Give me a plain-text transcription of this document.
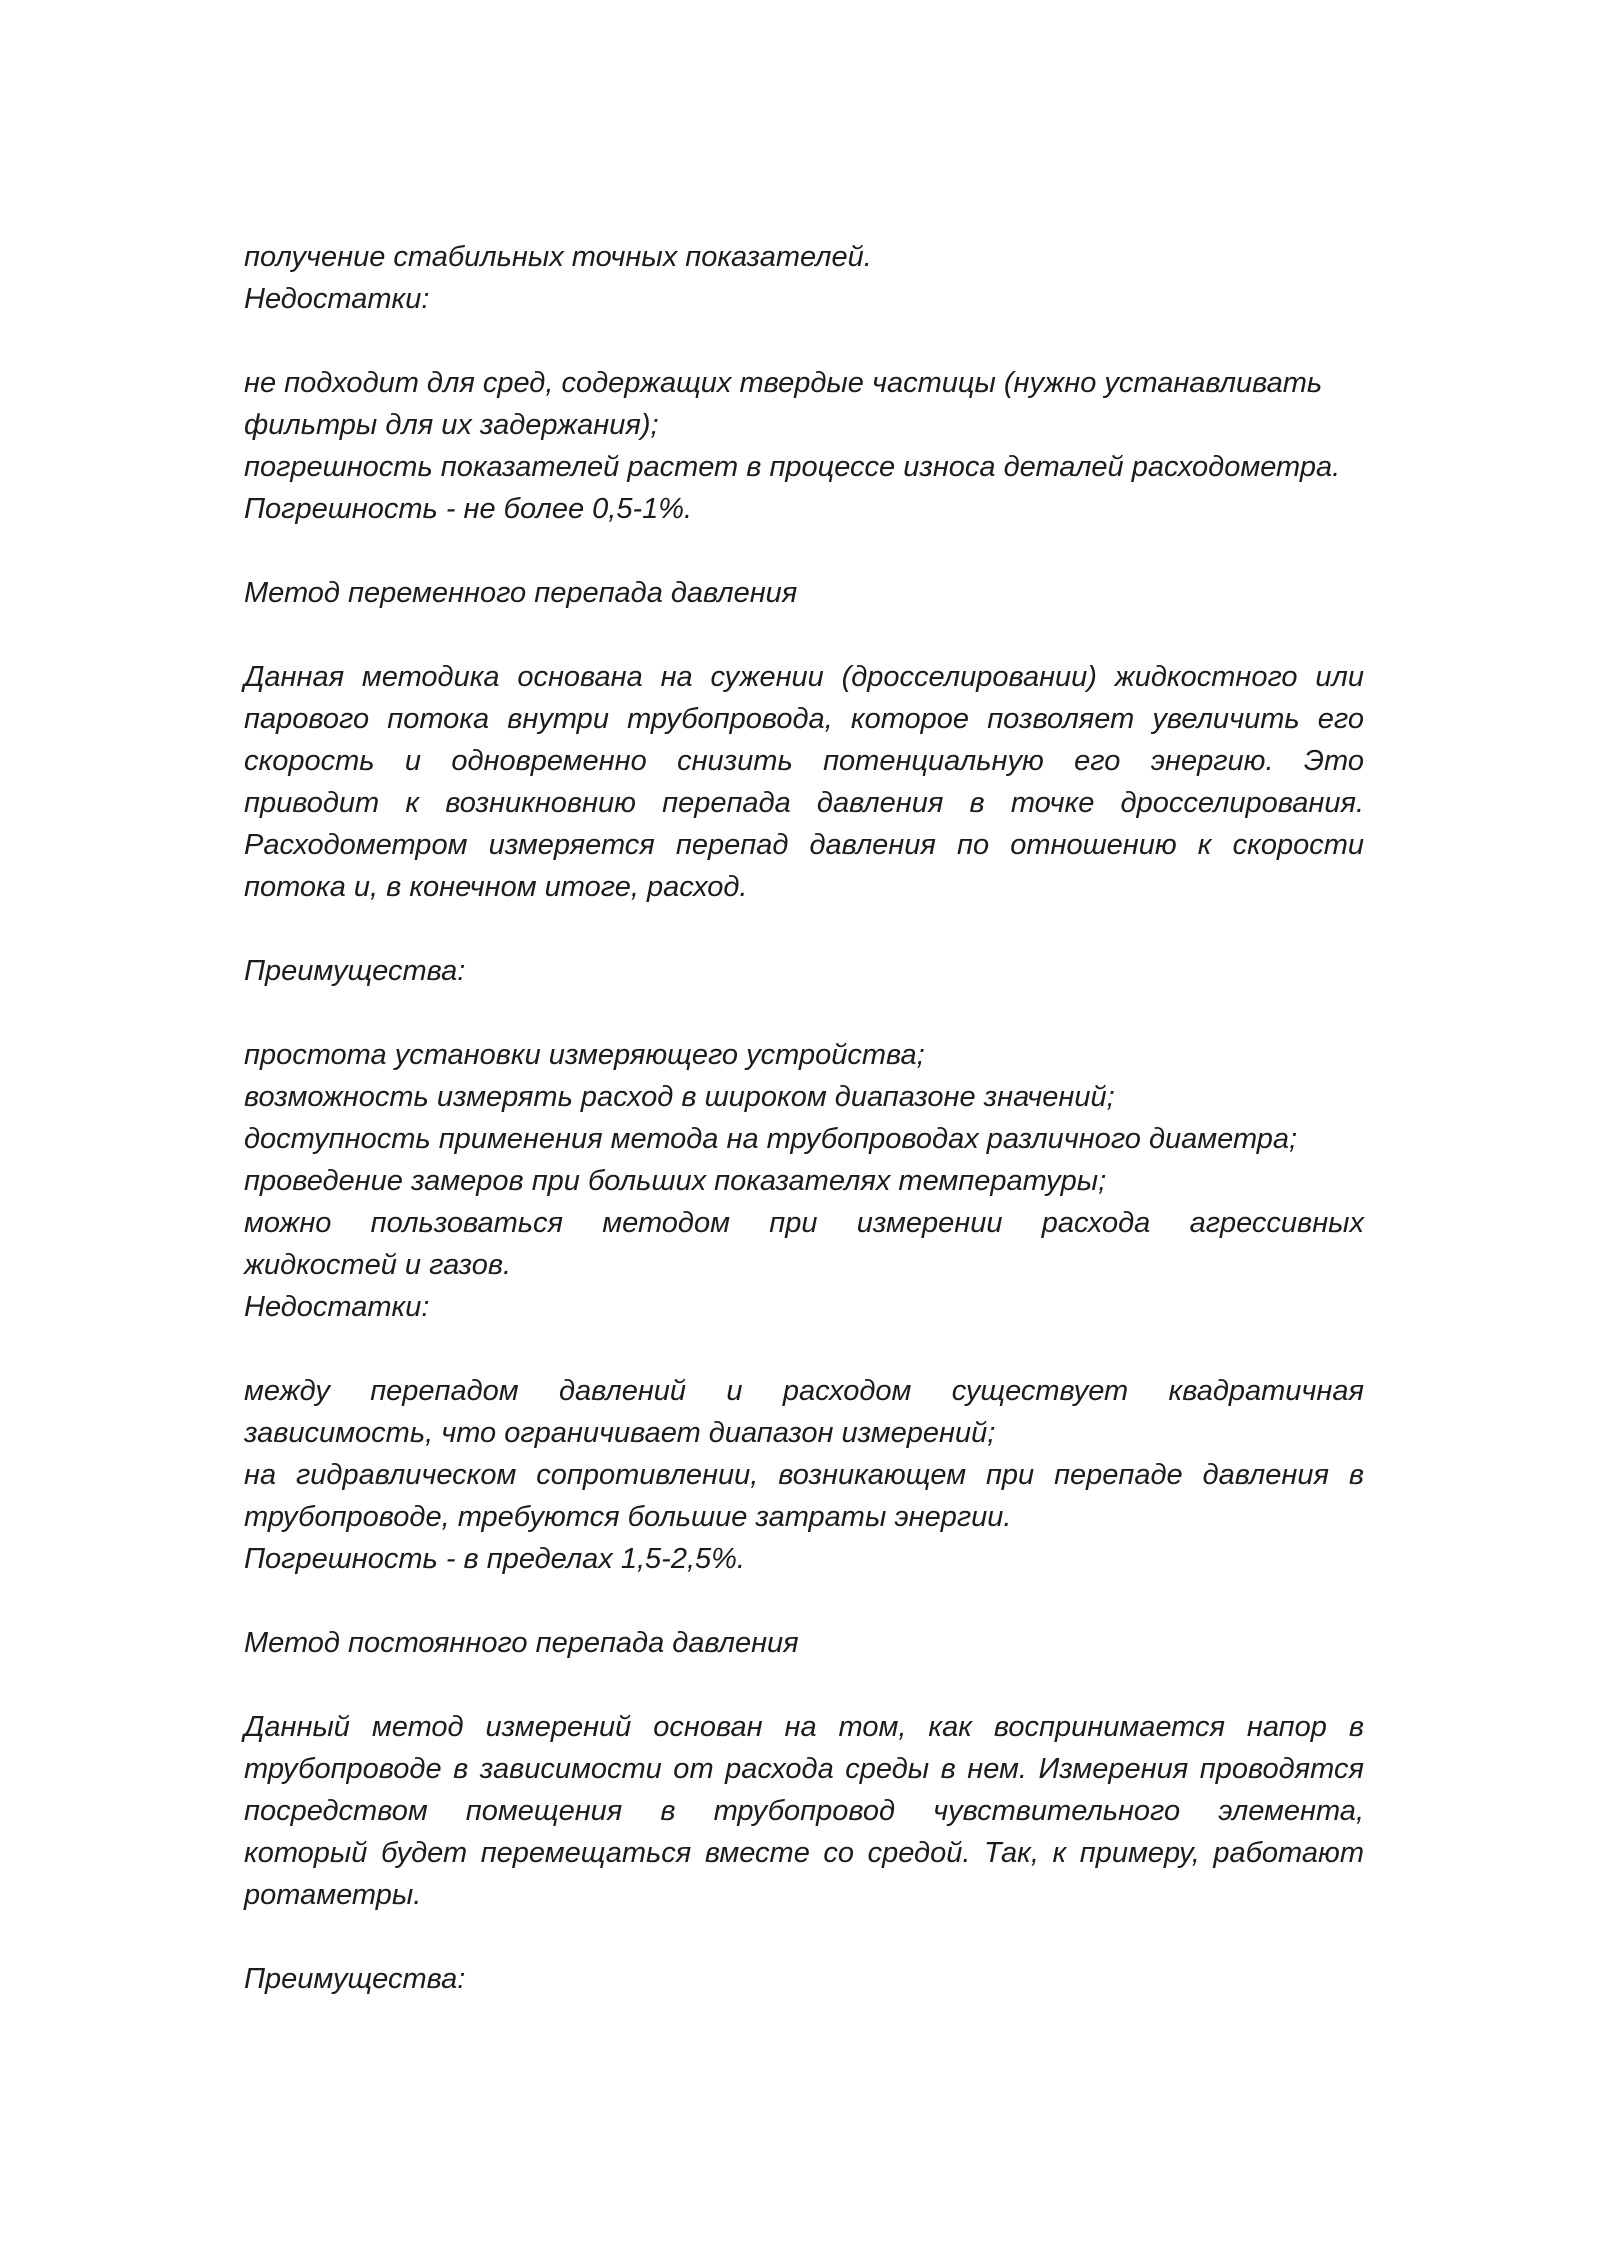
получение стабильных точных показателей.

Недостатки:

не подходит для сред, содержащих твердые частицы (нужно устанавливать

фильтры для их задержания);

погрешность показателей растет в процессе износа деталей расходометра.

Погрешность - не более 0,5-1%.

Метод переменного перепада давления

Данная методика основана на сужении (дросселировании) жидкостного или

парового потока внутри трубопровода, которое позволяет увеличить его

скорость и одновременно снизить потенциальную его энергию. Это

приводит к возникновнию перепада давления в точке дросселирования.

Расходометром измеряется перепад давления по отношению к скорости

потока и, в конечном итоге, расход.

Преимущества:

простота установки измеряющего устройства;

возможность измерять расход в широком диапазоне значений;

доступность применения метода на трубопроводах различного диаметра;

проведение замеров при больших показателях температуры;

можно пользоваться методом при измерении расхода агрессивных

жидкостей и газов.

Недостатки:

между перепадом давлений и расходом существует квадратичная

зависимость, что ограничивает диапазон измерений;

на гидравлическом сопротивлении, возникающем при перепаде давления в

трубопроводе, требуются большие затраты энергии.

Погрешность - в пределах 1,5-2,5%.

Метод постоянного перепада давления

Данный метод измерений основан на том, как воспринимается напор в

трубопроводе в зависимости от расхода среды в нем. Измерения проводятся

посредством помещения в трубопровод чувствительного элемента,

который будет перемещаться вместе со средой. Так, к примеру, работают

ротаметры.

Преимущества:
